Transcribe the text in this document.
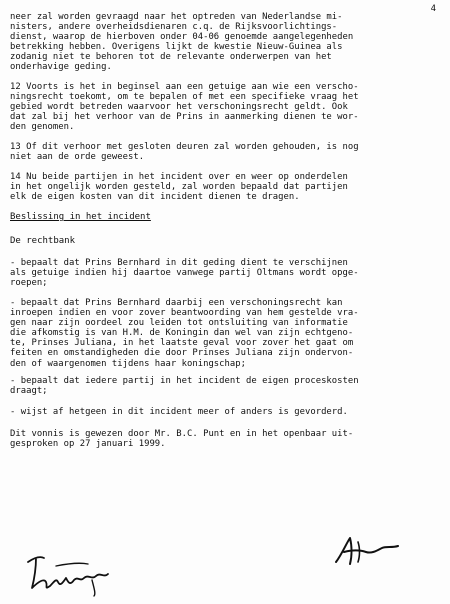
4
neer zal worden gevraagd naar het optreden van Nederlandse mi-
nisters, andere overheidsdienaren c.q. de Rijksvoorlichtings-
dienst, waarop de hierboven onder 04-06 genoemde aangelegenheden
betrekking hebben. Overigens lijkt de kwestie Nieuw-Guinea als
zodanig niet te behoren tot de relevante onderwerpen van het
onderhavige geding.
12 Voorts is het in beginsel aan een getuige aan wie een verscho-
ningsrecht toekomt, om te bepalen of met een specifieke vraag het
gebied wordt betreden waarvoor het verschoningsrecht geldt. Ook
dat zal bij het verhoor van de Prins in aanmerking dienen te wor-
den genomen.
13 Of dit verhoor met gesloten deuren zal worden gehouden, is nog
niet aan de orde geweest.
14 Nu beide partijen in het incident over en weer op onderdelen
in het ongelijk worden gesteld, zal worden bepaald dat partijen
elk de eigen kosten van dit incident dienen te dragen.
Beslissing in het incident
De rechtbank
- bepaalt dat Prins Bernhard in dit geding dient te verschijnen
als getuige indien hij daartoe vanwege partij Oltmans wordt opge-
roepen;
- bepaalt dat Prins Bernhard daarbij een verschoningsrecht kan
inroepen indien en voor zover beantwoording van hem gestelde vra-
gen naar zijn oordeel zou leiden tot ontsluiting van informatie
die afkomstig is van H.M. de Koningin dan wel van zijn echtgeno-
te, Prinses Juliana, in het laatste geval voor zover het gaat om
feiten en omstandigheden die door Prinses Juliana zijn ondervon-
den of waargenomen tijdens haar koningschap;
- bepaalt dat iedere partij in het incident de eigen proceskosten
draagt;
- wijst af hetgeen in dit incident meer of anders is gevorderd.
Dit vonnis is gewezen door Mr. B.C. Punt en in het openbaar uit-
gesproken op 27 januari 1999.
